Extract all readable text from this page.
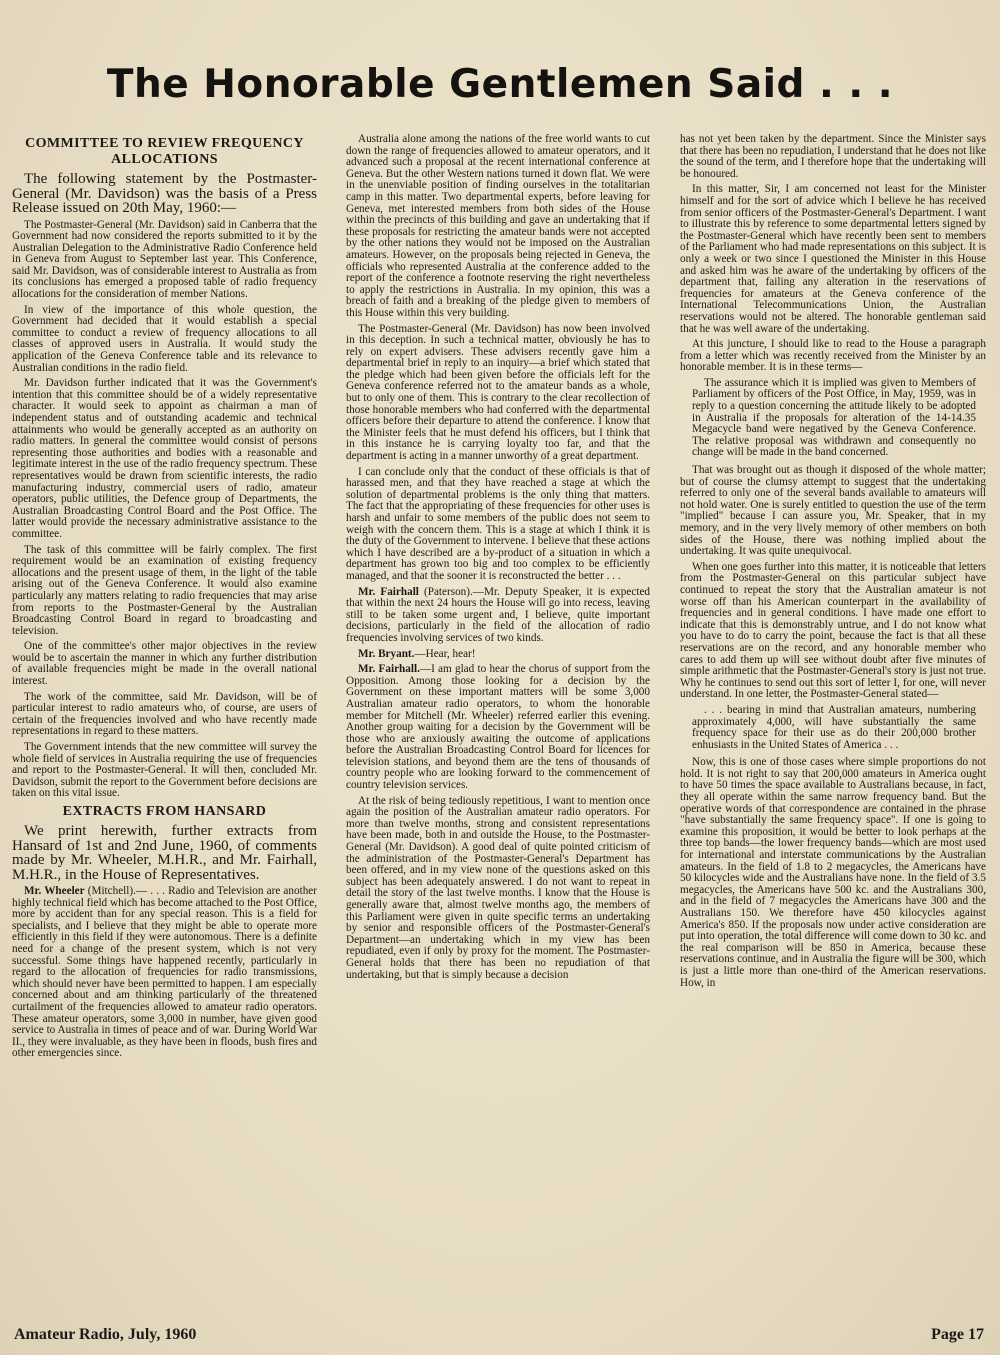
The Honorable Gentlemen Said . . .
COMMITTEE TO REVIEW FREQUENCY ALLOCATIONS

The following statement by the Postmaster-General (Mr. Davidson) was the basis of a Press Release issued on 20th May, 1960:—

The Postmaster-General (Mr. Davidson) said in Canberra that the Government had now considered the reports submitted to it by the Australian Delegation to the Administrative Radio Conference held in Geneva from August to September last year. This Conference, said Mr. Davidson, was of considerable interest to Australia as from its conclusions has emerged a proposed table of radio frequency allocations for the consideration of member Nations.

In view of the importance of this whole question, the Government had decided that it would establish a special committee to conduct a review of frequency allocations to all classes of approved users in Australia. It would study the application of the Geneva Conference table and its relevance to Australian conditions in the radio field.

Mr. Davidson further indicated that it was the Government's intention that this committee should be of a widely representative character. It would seek to appoint as chairman a man of independent status and of outstanding academic and technical attainments who would be generally accepted as an authority on radio matters. In general the committee would consist of persons representing those authorities and bodies with a reasonable and legitimate interest in the use of the radio frequency spectrum. These representatives would be drawn from scientific interests, the radio manufacturing industry, commercial users of radio, amateur operators, public utilities, the Defence group of Departments, the Australian Broadcasting Control Board and the Post Office. The latter would provide the necessary administrative assistance to the committee.

The task of this committee will be fairly complex. The first requirement would be an examination of existing frequency allocations and the present usage of them, in the light of the table arising out of the Geneva Conference. It would also examine particularly any matters relating to radio frequencies that may arise from reports to the Postmaster-General by the Australian Broadcasting Control Board in regard to broadcasting and television.

One of the committee's other major objectives in the review would be to ascertain the manner in which any further distribution of available frequencies might be made in the overall national interest.

The work of the committee, said Mr. Davidson, will be of particular interest to radio amateurs who, of course, are users of certain of the frequencies involved and who have recently made representations in regard to these matters.

The Government intends that the new committee will survey the whole field of services in Australia requiring the use of frequencies and report to the Postmaster-General. It will then, concluded Mr. Davidson, submit the report to the Government before decisions are taken on this vital issue.

EXTRACTS FROM HANSARD

We print herewith, further extracts from Hansard of 1st and 2nd June, 1960, of comments made by Mr. Wheeler, M.H.R., and Mr. Fairhall, M.H.R., in the House of Representatives.

Mr. Wheeler (Mitchell).— . . . Radio and Television are another highly technical field which has become attached to the Post Office, more by accident than for any special reason. This is a field for specialists, and I believe that they might be able to operate more efficiently in this field if they were autonomous. There is a definite need for a change of the present system, which is not very successful. Some things have happened recently, particularly in regard to the allocation of frequencies for radio transmissions, which should never have been permitted to happen. I am especially concerned about and am thinking particularly of the threatened curtailment of the frequencies allowed to amateur radio operators. These amateur operators, some 3,000 in number, have given good service to Australia in times of peace and of war. During World War II., they were invaluable, as they have been in floods, bush fires and other emergencies since.

Australia alone among the nations of the free world wants to cut down the range of frequencies allowed to amateur operators, and it advanced such a proposal at the recent international conference at Geneva. But the other Western nations turned it down flat. We were in the unenviable position of finding ourselves in the totalitarian camp in this matter. Two departmental experts, before leaving for Geneva, met interested members from both sides of the House within the precincts of this building and gave an undertaking that if these proposals for restricting the amateur bands were not accepted by the other nations they would not be imposed on the Australian amateurs. However, on the proposals being rejected in Geneva, the officials who represented Australia at the conference added to the report of the conference a footnote reserving the right nevertheless to apply the restrictions in Australia. In my opinion, this was a breach of faith and a breaking of the pledge given to members of this House within this very building.

The Postmaster-General (Mr. Davidson) has now been involved in this deception. In such a technical matter, obviously he has to rely on expert advisers. These advisers recently gave him a departmental brief in reply to an inquiry—a brief which stated that the pledge which had been given before the officials left for the Geneva conference referred not to the amateur bands as a whole, but to only one of them. This is contrary to the clear recollection of those honorable members who had conferred with the departmental officers before their departure to attend the conference. I know that the Minister feels that he must defend his officers, but I think that in this instance he is carrying loyalty too far, and that the department is acting in a manner unworthy of a great department.

I can conclude only that the conduct of these officials is that of harassed men, and that they have reached a stage at which the solution of departmental problems is the only thing that matters. The fact that the appropriating of these frequencies for other uses is harsh and unfair to some members of the public does not seem to weigh with the concern them. This is a stage at which I think it is the duty of the Government to intervene. I believe that these actions which I have described are a by-product of a situation in which a department has grown too big and too complex to be efficiently managed, and that the sooner it is reconstructed the better . . .

Mr. Fairhall (Paterson).—Mr. Deputy Speaker, it is expected that within the next 24 hours the House will go into recess, leaving still to be taken some urgent and, I believe, quite important decisions, particularly in the field of the allocation of radio frequencies involving services of two kinds.

Mr. Bryant.—Hear, hear!

Mr. Fairhall.—I am glad to hear the chorus of support from the Opposition. Among those looking for a decision by the Government on these important matters will be some 3,000 Australian amateur radio operators, to whom the honorable member for Mitchell (Mr. Wheeler) referred earlier this evening. Another group waiting for a decision by the Government will be those who are anxiously awaiting the outcome of applications before the Australian Broadcasting Control Board for licences for television stations, and beyond them are the tens of thousands of country people who are looking forward to the commencement of country television services.

At the risk of being tediously repetitious, I want to mention once again the position of the Australian amateur radio operators. For more than twelve months, strong and consistent representations have been made, both in and outside the House, to the Postmaster-General (Mr. Davidson). A good deal of quite pointed criticism of the administration of the Postmaster-General's Department has been offered, and in my view none of the questions asked on this subject has been adequately answered. I do not want to repeat in detail the story of the last twelve months. I know that the House is generally aware that, almost twelve months ago, the members of this Parliament were given in quite specific terms an undertaking by senior and responsible officers of the Postmaster-General's Department—an undertaking which in my view has been repudiated, even if only by proxy for the moment. The Postmaster-General holds that there has been no repudiation of that undertaking, but that is simply because a decision

has not yet been taken by the department. Since the Minister says that there has been no repudiation, I understand that he does not like the sound of the term, and I therefore hope that the undertaking will be honoured.

In this matter, Sir, I am concerned not least for the Minister himself and for the sort of advice which I believe he has received from senior officers of the Postmaster-General's Department. I want to illustrate this by reference to some departmental letters signed by the Postmaster-General which have recently been sent to members of the Parliament who had made representations on this subject. It is only a week or two since I questioned the Minister in this House and asked him was he aware of the undertaking by officers of the department that, failing any alteration in the reservations of frequencies for amateurs at the Geneva conference of the International Telecommunications Union, the Australian reservations would not be altered. The honorable gentleman said that he was well aware of the undertaking.

At this juncture, I should like to read to the House a paragraph from a letter which was recently received from the Minister by an honorable member. It is in these terms—

The assurance which it is implied was given to Members of Parliament by officers of the Post Office, in May, 1959, was in reply to a question concerning the attitude likely to be adopted in Australia if the proposals for alteration of the 14-14.35 Megacycle band were negatived by the Geneva Conference. The relative proposal was withdrawn and consequently no change will be made in the band concerned.

That was brought out as though it disposed of the whole matter; but of course the clumsy attempt to suggest that the undertaking referred to only one of the several bands available to amateurs will not hold water. One is surely entitled to question the use of the term "implied" because I can assure you, Mr. Speaker, that in my memory, and in the very lively memory of other members on both sides of the House, there was nothing implied about the undertaking. It was quite unequivocal.

When one goes further into this matter, it is noticeable that letters from the Postmaster-General on this particular subject have continued to repeat the story that the Australian amateur is not worse off than his American counterpart in the availability of frequencies and in general conditions. I have made one effort to indicate that this is demonstrably untrue, and I do not know what you have to do to carry the point, because the fact is that all these reservations are on the record, and any honorable member who cares to add them up will see without doubt after five minutes of simple arithmetic that the Postmaster-General's story is just not true. Why he continues to send out this sort of letter I, for one, will never understand. In one letter, the Postmaster-General stated—

. . . bearing in mind that Australian amateurs, numbering approximately 4,000, will have substantially the same frequency space for their use as do their 200,000 brother enhusiasts in the United States of America . . .

Now, this is one of those cases where simple proportions do not hold. It is not right to say that 200,000 amateurs in America ought to have 50 times the space available to Australians because, in fact, they all operate within the same narrow frequency band. But the operative words of that correspondence are contained in the phrase "have substantially the same frequency space". If one is going to examine this proposition, it would be better to look perhaps at the three top bands—the lower frequency bands—which are most used for international and interstate communications by the Australian amateurs. In the field of 1.8 to 2 megacycles, the Americans have 50 kilocycles wide and the Australians have none. In the field of 3.5 megacycles, the Americans have 500 kc. and the Australians 300, and in the field of 7 megacycles the Americans have 300 and the Australians 150. We therefore have 450 kilocycles against America's 850. If the proposals now under active consideration are put into operation, the total difference will come down to 30 kc. and the real comparison will be 850 in America, because these reservations continue, and in Australia the figure will be 300, which is just a little more than one-third of the American reservations. How, in

Amateur Radio, July, 1960	Page 17
